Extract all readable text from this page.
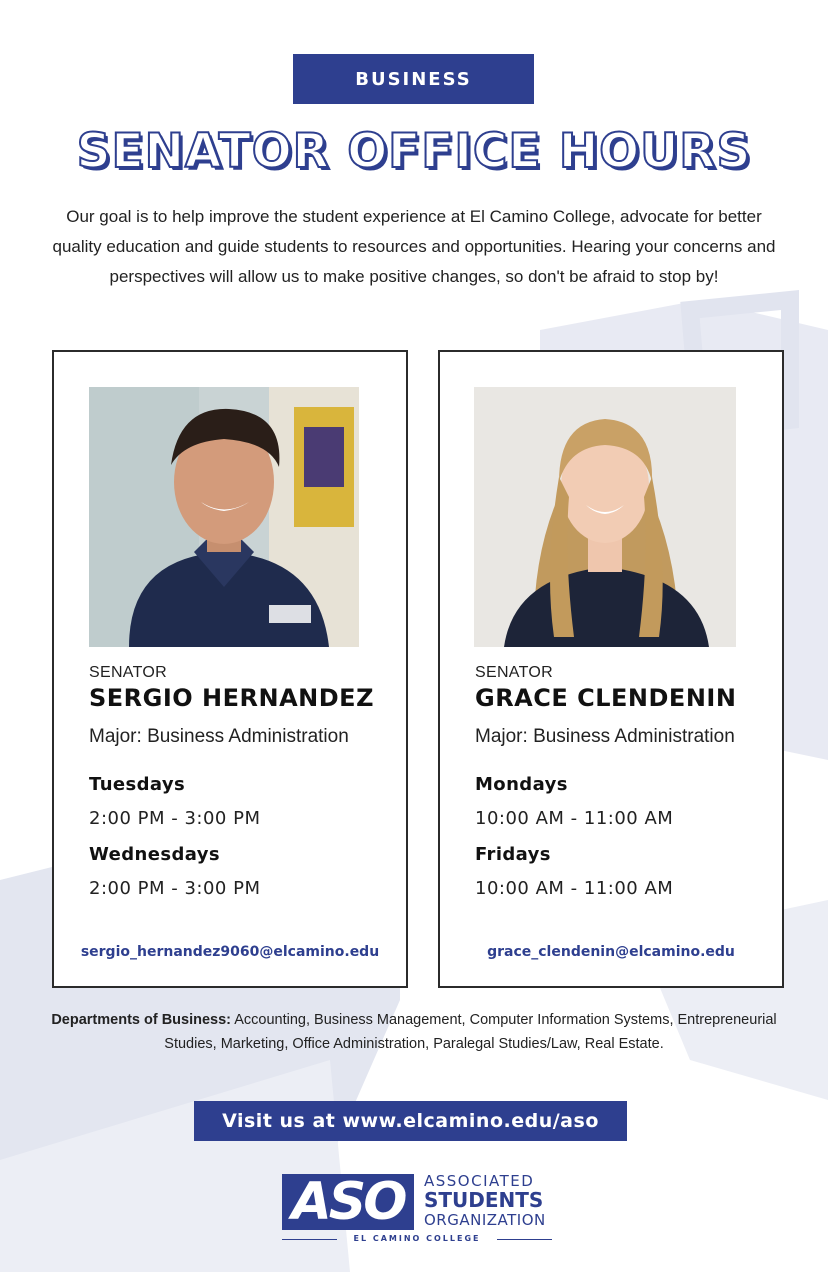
BUSINESS
SENATOR OFFICE HOURS

Our goal is to help improve the student experience at El Camino College, advocate for better quality education and guide students to resources and opportunities. Hearing your concerns and perspectives will allow us to make positive changes, so don't be afraid to stop by!

SENATOR
SERGIO HERNANDEZ
Major: Business Administration
Tuesdays
2:00 PM - 3:00 PM
Wednesdays
2:00 PM - 3:00 PM
sergio_hernandez9060@elcamino.edu
SENATOR
GRACE CLENDENIN
Major: Business Administration
Mondays
10:00 AM - 11:00 AM
Fridays
10:00 AM - 11:00 AM
grace_clendenin@elcamino.edu

Departments of Business: Accounting, Business Management, Computer Information Systems, Entrepreneurial Studies, Marketing, Office Administration, Paralegal Studies/Law, Real Estate.

Visit us at www.elcamino.edu/aso
ASO	ASSOCIATED
STUDENTS
ORGANIZATION
EL CAMINO COLLEGE
